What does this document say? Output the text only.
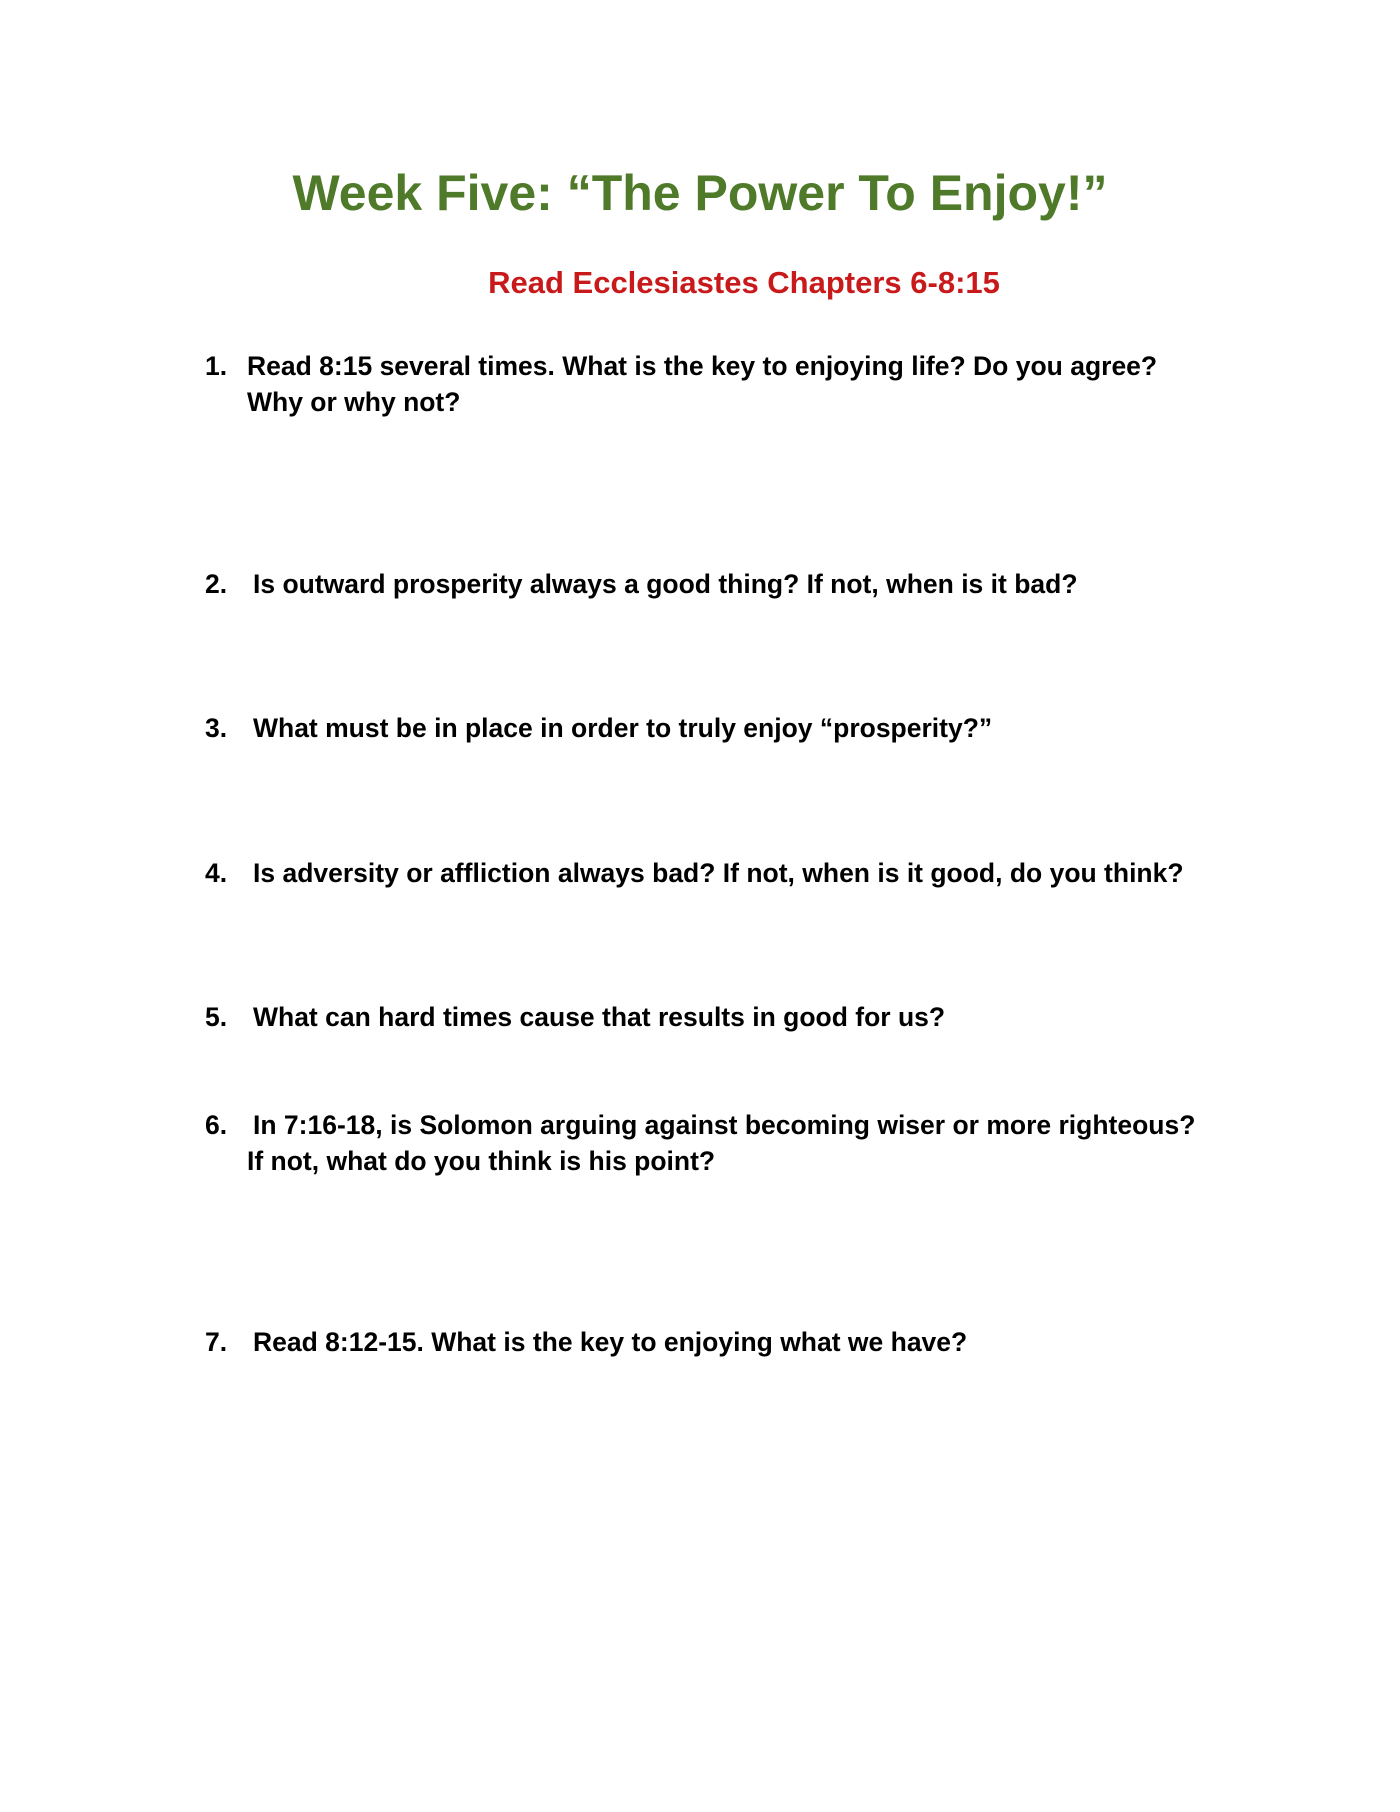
Week Five: “The Power To Enjoy!”
Read Ecclesiastes Chapters 6-8:15
1. Read 8:15 several times. What is the key to enjoying life? Do you agree?
Why or why not?
2. Is outward prosperity always a good thing? If not, when is it bad?
3. What must be in place in order to truly enjoy “prosperity?”
4. Is adversity or affliction always bad? If not, when is it good, do you think?
5. What can hard times cause that results in good for us?
6. In 7:16-18, is Solomon arguing against becoming wiser or more righteous?
If not, what do you think is his point?
7. Read 8:12-15. What is the key to enjoying what we have?
